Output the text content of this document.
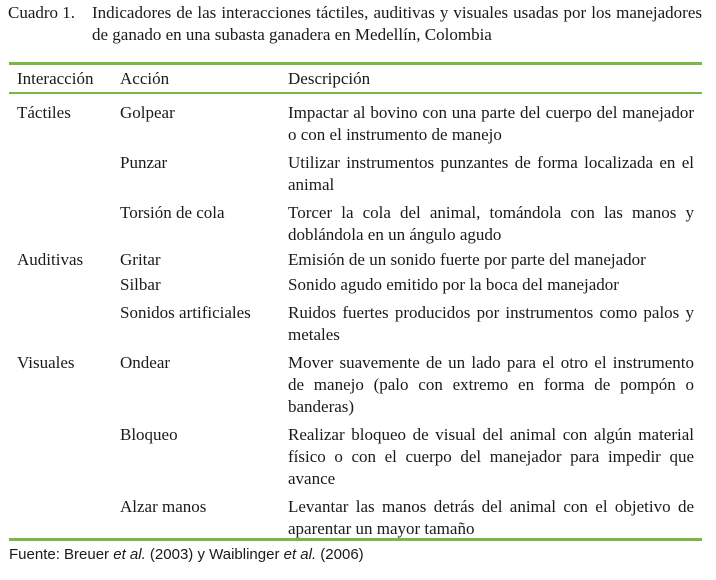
Cuadro 1. Indicadores de las interacciones táctiles, auditivas y visuales usadas por los manejadores de ganado en una subasta ganadera en Medellín, Colombia
Interacción	Acción	Descripción
Táctiles	Golpear	Impactar al bovino con una parte del cuerpo del manejador o con el instrumento de manejo
	Punzar	Utilizar instrumentos punzantes de forma localizada en el animal
	Torsión de cola	Torcer la cola del animal, tomándola con las manos y doblándola en un ángulo agudo
Auditivas	Gritar	Emisión de un sonido fuerte por parte del manejador
	Silbar	Sonido agudo emitido por la boca del manejador
	Sonidos artificiales	Ruidos fuertes producidos por instrumentos como palos y metales
Visuales	Ondear	Mover suavemente de un lado para el otro el instrumento de manejo (palo con extremo en forma de pompón o banderas)
	Bloqueo	Realizar bloqueo de visual del animal con algún material físico o con el cuerpo del manejador para impedir que avance
	Alzar manos	Levantar las manos detrás del animal con el objetivo de aparentar un mayor tamaño
Fuente: Breuer et al. (2003) y Waiblinger et al. (2006)
